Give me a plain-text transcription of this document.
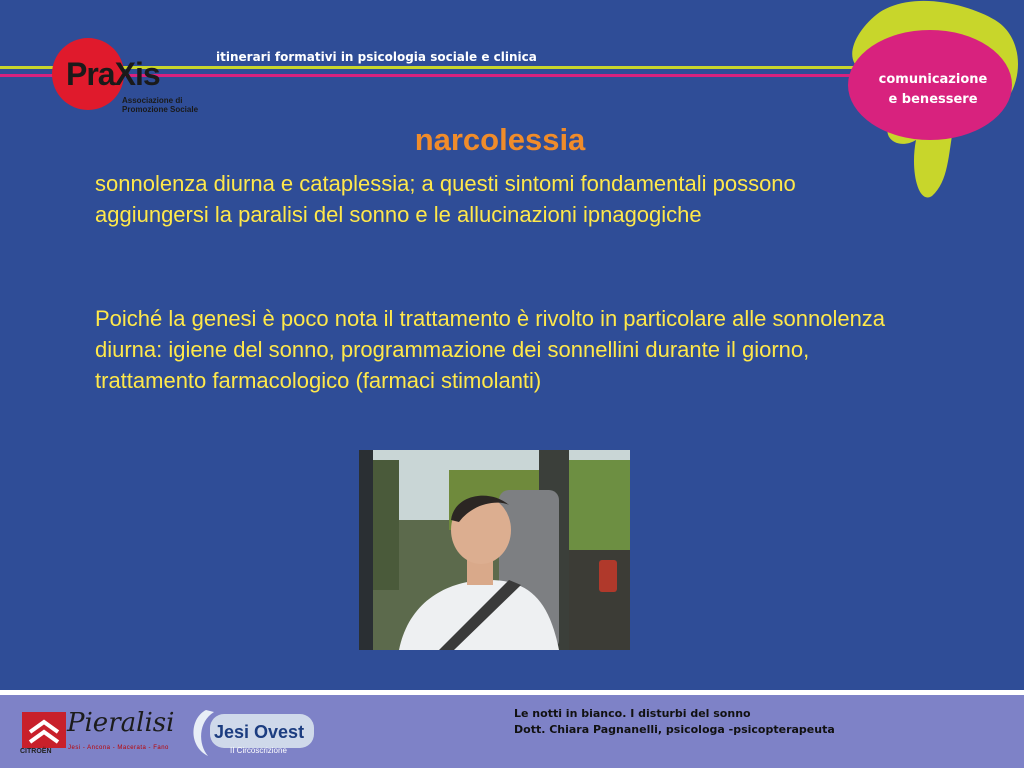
PraXis
Associazione di Promozione Sociale
itinerari formativi in psicologia sociale e clinica
comunicazione
e benessere
narcolessia
sonnolenza diurna e cataplessia; a questi sintomi fondamentali possono aggiungersi la paralisi del sonno e le allucinazioni ipnagogiche
Poiché la genesi è poco nota il trattamento è rivolto in particolare alle sonnolenza diurna: igiene del sonno, programmazione dei sonnellini durante il giorno, trattamento farmacologico (farmaci stimolanti)
CITROËN
Pieralisi
Jesi - Ancona - Macerata - Fano
Jesi Ovest
II Circoscrizione
Le notti in bianco. I disturbi del sonno
Dott. Chiara Pagnanelli, psicologa -psicopterapeuta
